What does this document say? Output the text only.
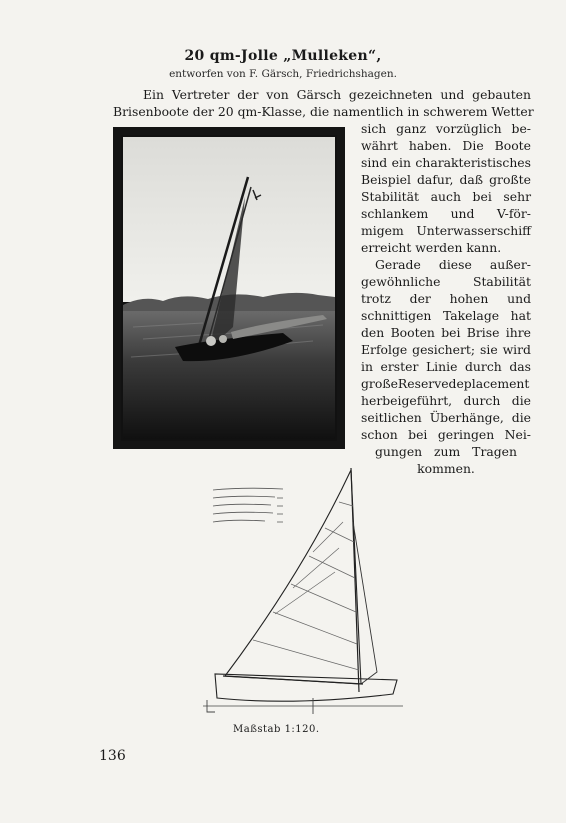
20 qm-Jolle „Mulleken“,
entworfen von F. Gärsch, Friedrichshagen.
Ein Vertreter der von Gärsch gezeichneten und gebauten
Brisenboote der 20 qm-Klasse, die namentlich in schwerem Wetter
sich ganz vorzüglich be-
währt haben. Die Boote
sind ein charakteristisches
Beispiel dafur, daß großte
Stabilität auch bei sehr
schlankem und V-för-
migem Unterwasserschiff
erreicht werden kann.
Gerade diese außer-
gewöhnliche Stabilität
trotz der hohen und
schnittigen Takelage hat
den Booten bei Brise ihre
Erfolge gesichert; sie wird
in erster Linie durch das
großeReservedeplacement
herbeigeführt, durch die
seitlichen Überhänge, die
schon bei geringen Nei-
gungen zum Tragen
kommen.
Maßstab 1:120.
136
